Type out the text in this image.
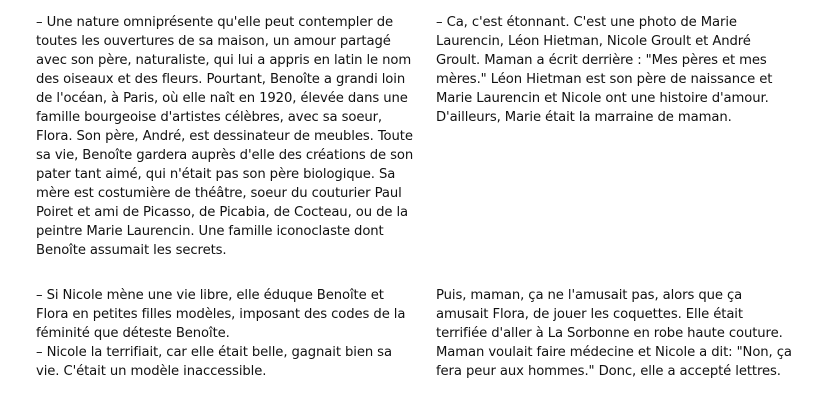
– Une nature omniprésente qu'elle peut contempler de toutes les ouvertures de sa maison, un amour partagé avec son père, naturaliste, qui lui a appris en latin le nom des oiseaux et des fleurs. Pourtant, Benoîte a grandi loin de l'océan, à Paris, où elle naît en 1920, élevée dans une famille bourgeoise d'artistes célèbres, avec sa soeur, Flora. Son père, André, est dessinateur de meubles. Toute sa vie, Benoîte gardera auprès d'elle des créations de son pater tant aimé, qui n'était pas son père biologique. Sa mère est costumière de théâtre, soeur du couturier Paul Poiret et ami de Picasso, de Picabia, de Cocteau, ou de la peintre Marie Laurencin. Une famille iconoclaste dont Benoîte assumait les secrets.

– Ca, c'est étonnant. C'est une photo de Marie Laurencin, Léon Hietman, Nicole Groult et André Groult. Maman a écrit derrière : "Mes pères et mes mères." Léon Hietman est son père de naissance et Marie Laurencin et Nicole ont une histoire d'amour. D'ailleurs, Marie était la marraine de maman.

– Si Nicole mène une vie libre, elle éduque Benoîte et Flora en petites filles modèles, imposant des codes de la féminité que déteste Benoîte.

– Nicole la terrifiait, car elle était belle, gagnait bien sa vie. C'était un modèle inaccessible.

Puis, maman, ça ne l'amusait pas, alors que ça amusait Flora, de jouer les coquettes. Elle était terrifiée d'aller à La Sorbonne en robe haute couture. Maman voulait faire médecine et Nicole a dit: "Non, ça fera peur aux hommes." Donc, elle a accepté lettres.
